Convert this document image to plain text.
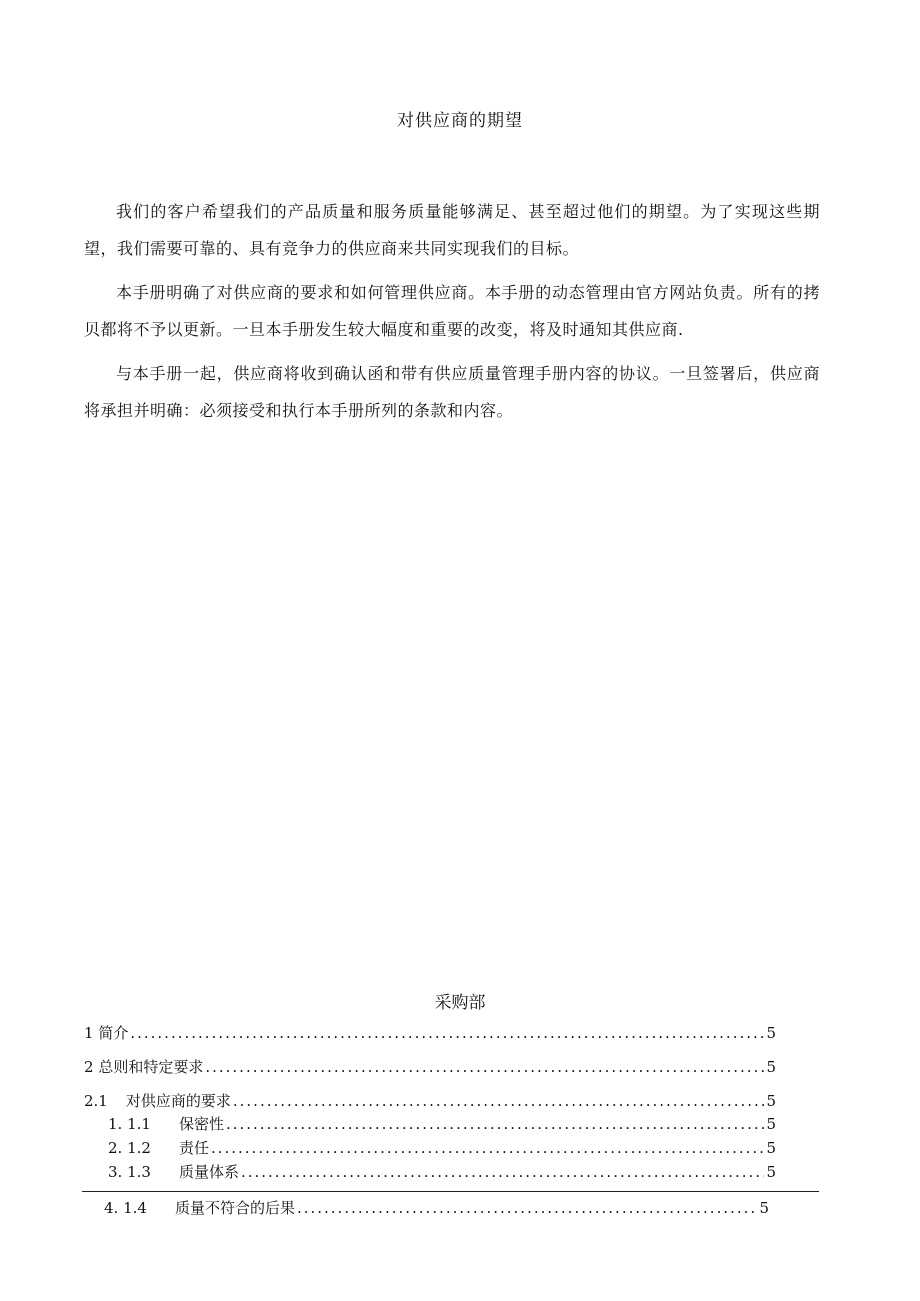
对供应商的期望
我们的客户希望我们的产品质量和服务质量能够满足、甚至超过他们的期望。为了实现这些期望，我们需要可靠的、具有竞争力的供应商来共同实现我们的目标。
本手册明确了对供应商的要求和如何管理供应商。本手册的动态管理由官方网站负责。所有的拷贝都将不予以更新。一旦本手册发生较大幅度和重要的改变，将及时通知其供应商.
与本手册一起，供应商将收到确认函和带有供应质量管理手册内容的协议。一旦签署后，供应商将承担并明确：必须接受和执行本手册所列的条款和内容。
采购部
1 简介 .....	5
2 总则和特定要求 .....	5
2.1 对供应商的要求 .....	5
1. 1.1 保密性 .....	5
2. 1.2 责任 .....	5
3. 1.3 质量体系 .....	5
4. 1.4 质量不符合的后果 .....	5
